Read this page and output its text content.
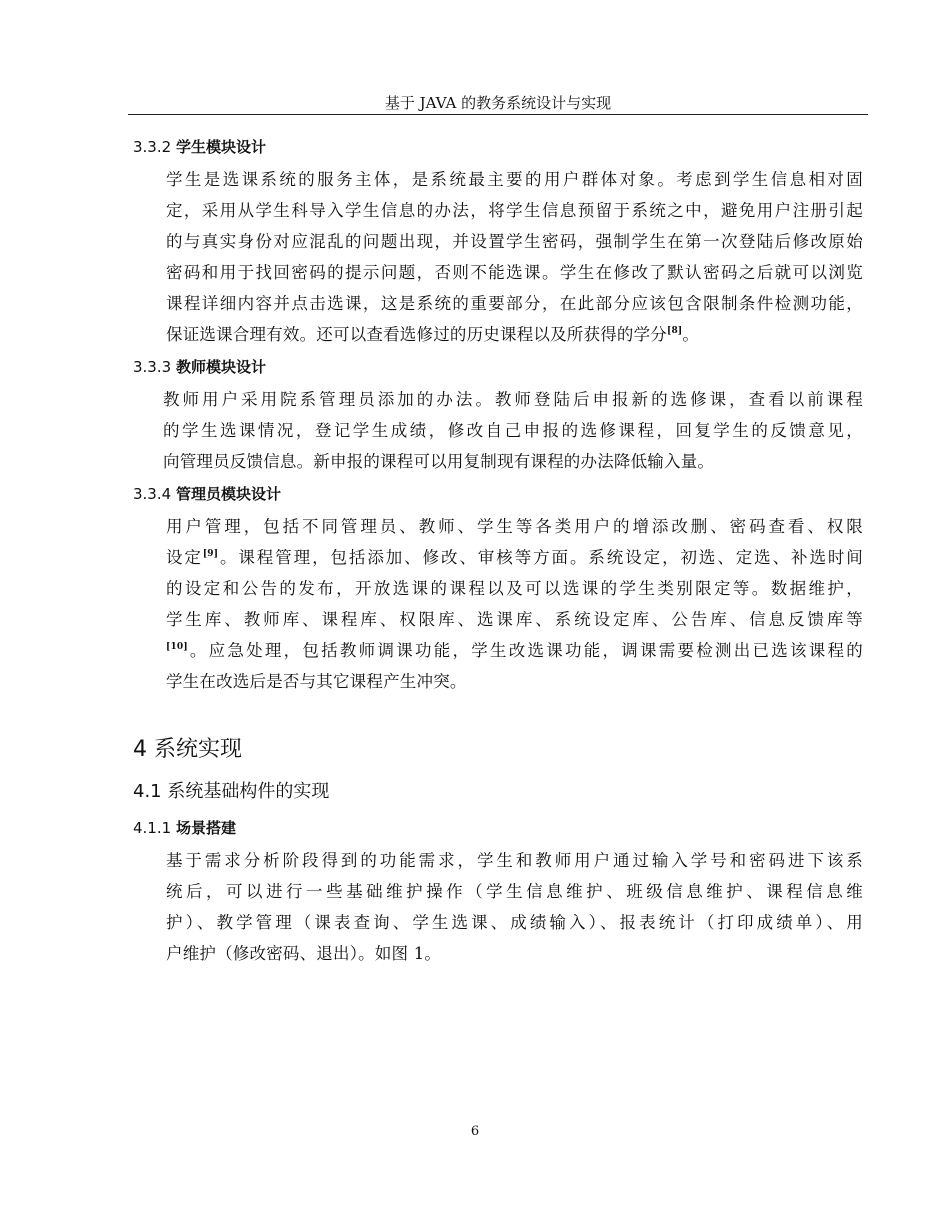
基于 JAVA 的教务系统设计与实现
3.3.2 学生模块设计
学生是选课系统的服务主体，是系统最主要的用户群体对象。考虑到学生信息相对固
定，采用从学生科导入学生信息的办法，将学生信息预留于系统之中，避免用户注册引起
的与真实身份对应混乱的问题出现，并设置学生密码，强制学生在第一次登陆后修改原始
密码和用于找回密码的提示问题，否则不能选课。学生在修改了默认密码之后就可以浏览
课程详细内容并点击选课，这是系统的重要部分，在此部分应该包含限制条件检测功能，
保证选课合理有效。还可以查看选修过的历史课程以及所获得的学分[8]。
3.3.3 教师模块设计
教师用户采用院系管理员添加的办法。教师登陆后申报新的选修课，查看以前课程
的学生选课情况，登记学生成绩，修改自己申报的选修课程，回复学生的反馈意见，
向管理员反馈信息。新申报的课程可以用复制现有课程的办法降低输入量。
3.3.4 管理员模块设计
用户管理，包括不同管理员、教师、学生等各类用户的增添改删、密码查看、权限
设定[9]。课程管理，包括添加、修改、审核等方面。系统设定，初选、定选、补选时间
的设定和公告的发布，开放选课的课程以及可以选课的学生类别限定等。数据维护，
学生库、教师库、课程库、权限库、选课库、系统设定库、公告库、信息反馈库等
[10]。应急处理，包括教师调课功能，学生改选课功能，调课需要检测出已选该课程的
学生在改选后是否与其它课程产生冲突。
4 系统实现
4.1 系统基础构件的实现
4.1.1 场景搭建
基于需求分析阶段得到的功能需求，学生和教师用户通过输入学号和密码进下该系
统后，可以进行一些基础维护操作（学生信息维护、班级信息维护、课程信息维
护）、教学管理（课表查询、学生选课、成绩输入）、报表统计（打印成绩单）、用
户维护（修改密码、退出）。如图 1。
6
